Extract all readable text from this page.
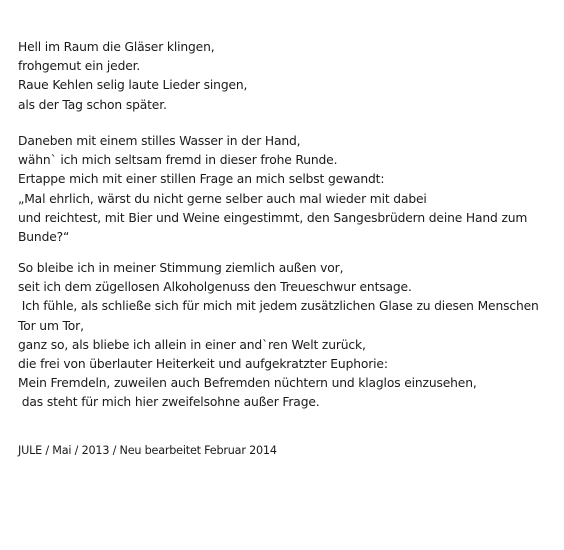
Hell im Raum die Gläser klingen,
frohgemut ein jeder.
Raue Kehlen selig laute Lieder singen,
als der Tag schon später.
Daneben mit einem stilles Wasser in der Hand,
wähn` ich mich seltsam fremd in dieser frohe Runde.
Ertappe mich mit einer stillen Frage an mich selbst gewandt:
„Mal ehrlich, wärst du nicht gerne selber auch mal wieder mit dabei
und reichtest, mit Bier und Weine eingestimmt, den Sangesbrüdern deine Hand zum
Bunde?“
So bleibe ich in meiner Stimmung ziemlich außen vor,
seit ich dem zügellosen Alkoholgenuss den Treueschwur entsage.
Ich fühle, als schließe sich für mich mit jedem zusätzlichen Glase zu diesen Menschen
Tor um Tor,
ganz so, als bliebe ich allein in einer and`ren Welt zurück,
die frei von überlauter Heiterkeit und aufgekratzter Euphorie:
Mein Fremdeln, zuweilen auch Befremden nüchtern und klaglos einzusehen,
das steht für mich hier zweifelsohne außer Frage.
JULE / Mai / 2013 / Neu bearbeitet Februar 2014
